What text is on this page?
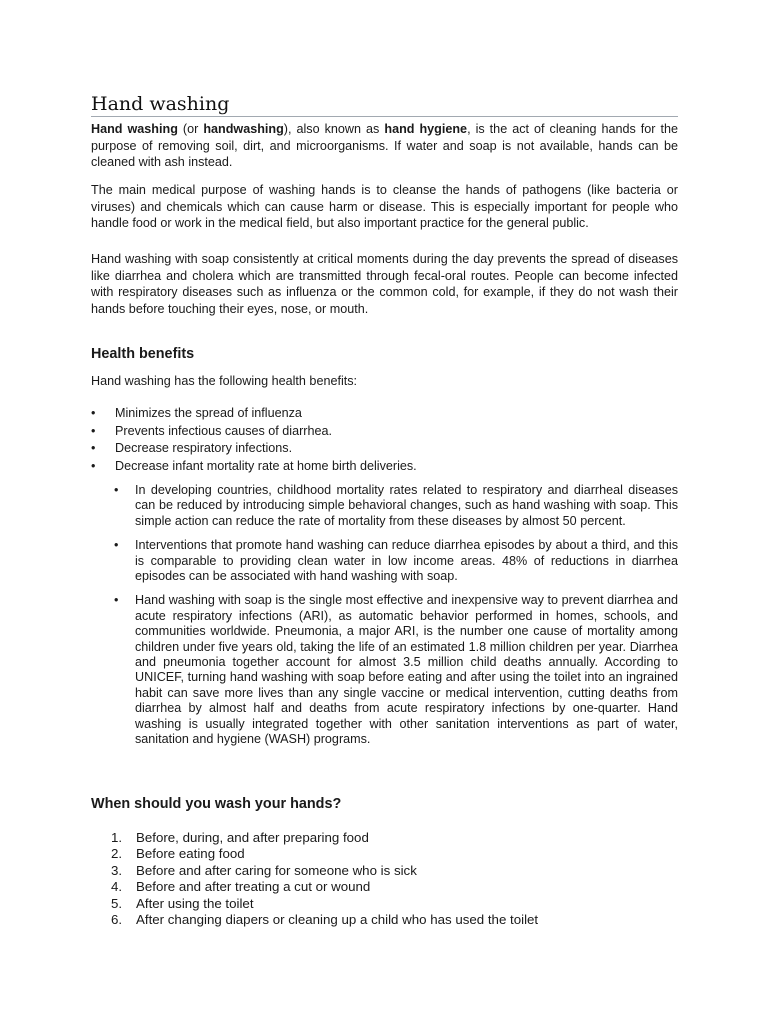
Hand washing

Hand washing (or handwashing), also known as hand hygiene, is the act of cleaning hands for the purpose of removing soil, dirt, and microorganisms. If water and soap is not available, hands can be cleaned with ash instead.

The main medical purpose of washing hands is to cleanse the hands of pathogens (like bacteria or viruses) and chemicals which can cause harm or disease. This is especially important for people who handle food or work in the medical field, but also important practice for the general public.

Hand washing with soap consistently at critical moments during the day prevents the spread of diseases like diarrhea and cholera which are transmitted through fecal-oral routes. People can become infected with respiratory diseases such as influenza or the common cold, for example, if they do not wash their hands before touching their eyes, nose, or mouth.

Health benefits

Hand washing has the following health benefits:

• Minimizes the spread of influenza
• Prevents infectious causes of diarrhea.
• Decrease respiratory infections.
• Decrease infant mortality rate at home birth deliveries.
• In developing countries, childhood mortality rates related to respiratory and diarrheal diseases can be reduced by introducing simple behavioral changes, such as hand washing with soap. This simple action can reduce the rate of mortality from these diseases by almost 50 percent.
• Interventions that promote hand washing can reduce diarrhea episodes by about a third, and this is comparable to providing clean water in low income areas. 48% of reductions in diarrhea episodes can be associated with hand washing with soap.
• Hand washing with soap is the single most effective and inexpensive way to prevent diarrhea and acute respiratory infections (ARI), as automatic behavior performed in homes, schools, and communities worldwide. Pneumonia, a major ARI, is the number one cause of mortality among children under five years old, taking the life of an estimated 1.8 million children per year. Diarrhea and pneumonia together account for almost 3.5 million child deaths annually. According to UNICEF, turning hand washing with soap before eating and after using the toilet into an ingrained habit can save more lives than any single vaccine or medical intervention, cutting deaths from diarrhea by almost half and deaths from acute respiratory infections by one-quarter. Hand washing is usually integrated together with other sanitation interventions as part of water, sanitation and hygiene (WASH) programs.
When should you wash your hands?
1. Before, during, and after preparing food
2. Before eating food
3. Before and after caring for someone who is sick
4. Before and after treating a cut or wound
5. After using the toilet
6. After changing diapers or cleaning up a child who has used the toilet
